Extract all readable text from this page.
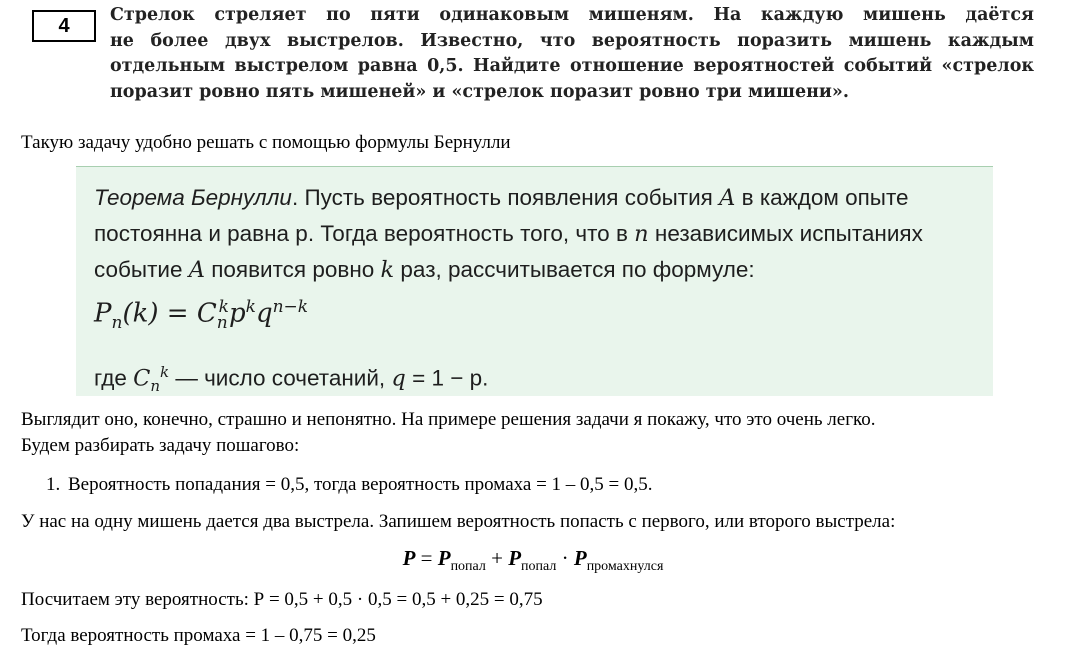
4	Стрелок стреляет по пяти одинаковым мишеням. На каждую мишень даётся
не более двух выстрелов. Известно, что вероятность поразить мишень каждым
отдельным выстрелом равна 0,5. Найдите отношение вероятностей событий «стрелок
поразит ровно пять мишеней» и «стрелок поразит ровно три мишени».
Такую задачу удобно решать с помощью формулы Бернулли
Теорема Бернулли. Пусть вероятность появления события A в каждом опыте
постоянна и равна р. Тогда вероятность того, что в n независимых испытаниях
событие A появится ровно k раз, рассчитывается по формуле:
$P_n(k) = C_n^kp^kq^{n-k}$
где $C_n^k$ — число сочетаний, q = 1 − р.
Выглядит оно, конечно, страшно и непонятно. На примере решения задачи я покажу, что это очень легко.
Будем разбирать задачу пошагово:
1. Вероятность попадания = 0,5, тогда вероятность промаха = 1 – 0,5 = 0,5.
У нас на одну мишень дается два выстрела. Запишем вероятность попасть с первого, или второго выстрела:
$P = P_{попал} + P_{попал} \cdot P_{промахнулся}$
Посчитаем эту вероятность: Р = 0,5 + 0,5 · 0,5 = 0,5 + 0,25 = 0,75
Тогда вероятность промаха = 1 – 0,75 = 0,25
